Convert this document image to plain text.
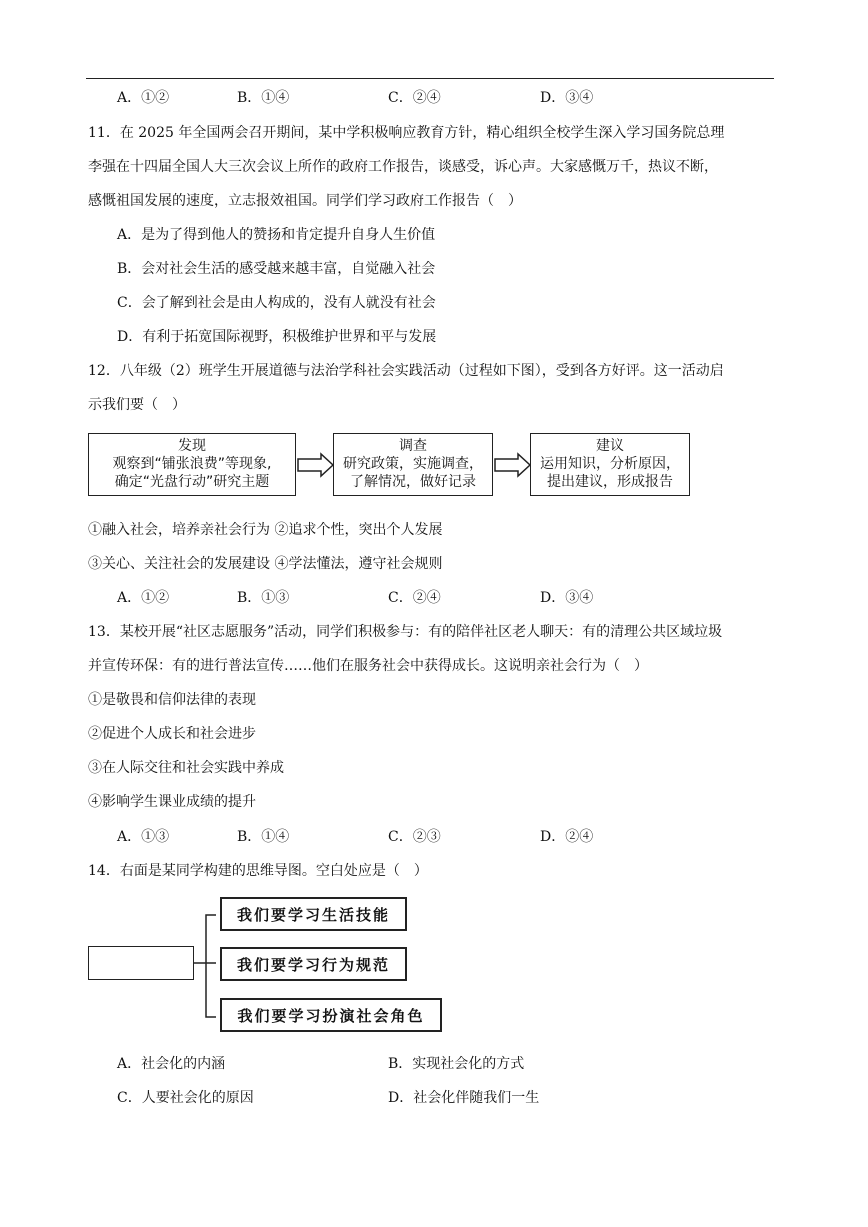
A．①②	B．①④	C．②④	D．③④
11．在 2025 年全国两会召开期间，某中学积极响应教育方针，精心组织全校学生深入学习国务院总理
李强在十四届全国人大三次会议上所作的政府工作报告，谈感受，诉心声。大家感慨万千，热议不断，
感慨祖国发展的速度，立志报效祖国。同学们学习政府工作报告（　）
A．是为了得到他人的赞扬和肯定提升自身人生价值
B．会对社会生活的感受越来越丰富，自觉融入社会
C．会了解到社会是由人构成的，没有人就没有社会
D．有利于拓宽国际视野，积极维护世界和平与发展
12．八年级（2）班学生开展道德与法治学科社会实践活动（过程如下图），受到各方好评。这一活动启
示我们要（　）
发现
观察到“铺张浪费”等现象,
确定“光盘行动”研究主题
调查
研究政策，实施调查，
了解情况，做好记录
建议
运用知识，分析原因，
提出建议，形成报告
①融入社会，培养亲社会行为 ②追求个性，突出个人发展
③关心、关注社会的发展建设 ④学法懂法，遵守社会规则
A．①②	B．①③	C．②④	D．③④
13．某校开展“社区志愿服务”活动，同学们积极参与：有的陪伴社区老人聊天：有的清理公共区域垃圾
并宣传环保：有的进行普法宣传……他们在服务社会中获得成长。这说明亲社会行为（　）
①是敬畏和信仰法律的表现
②促进个人成长和社会进步
③在人际交往和社会实践中养成
④影响学生课业成绩的提升
A．①③	B．①④	C．②③	D．②④
14．右面是某同学构建的思维导图。空白处应是（　）
我们要学习生活技能
我们要学习行为规范
我们要学习扮演社会角色
A．社会化的内涵	B．实现社会化的方式
C．人要社会化的原因	D．社会化伴随我们一生
